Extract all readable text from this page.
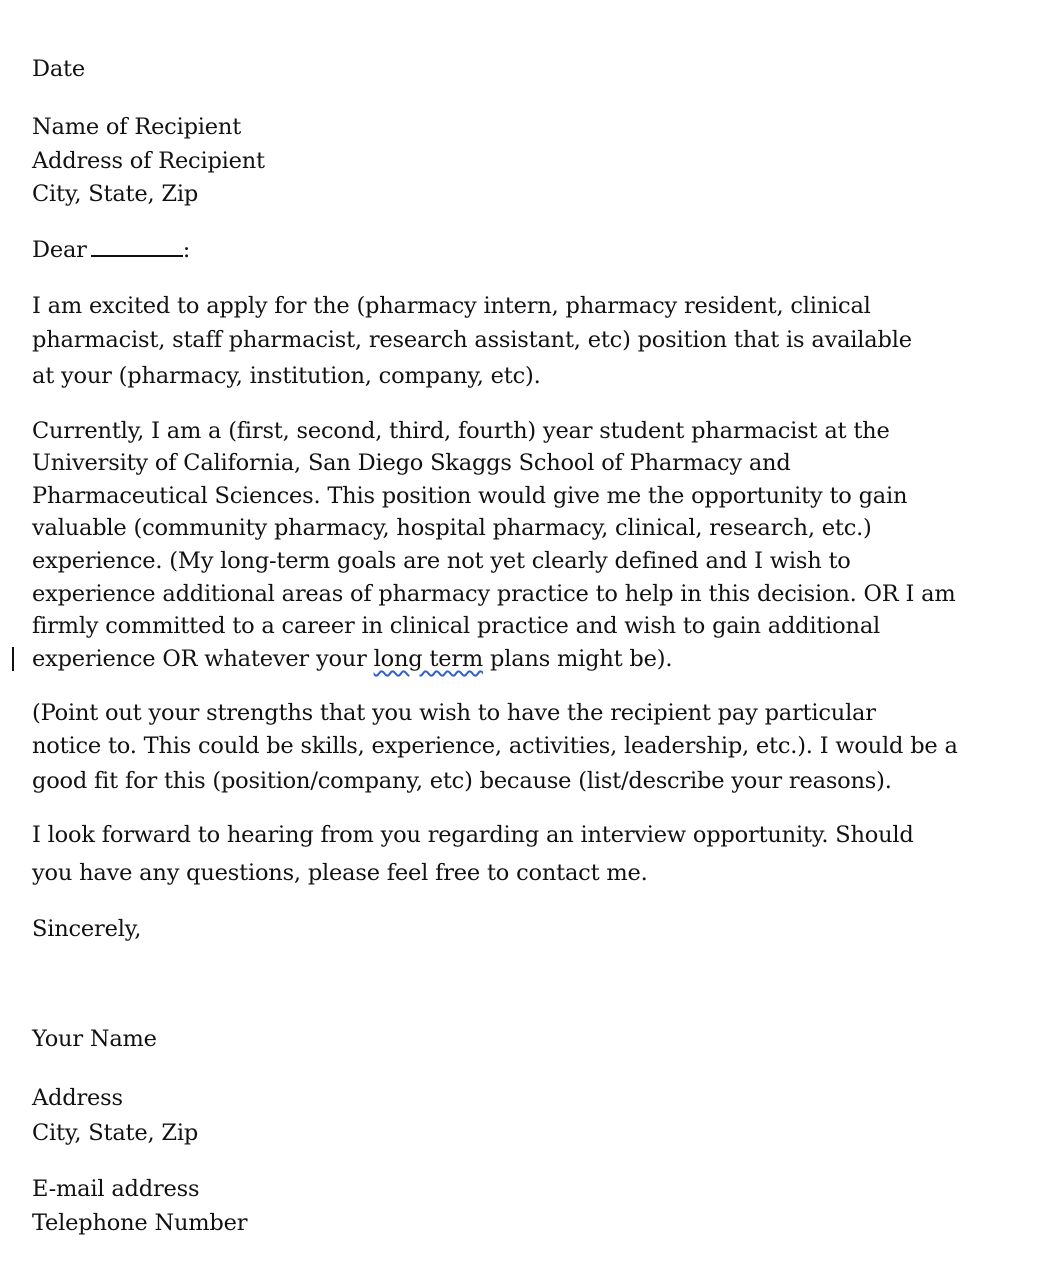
Date
Name of Recipient
Address of Recipient
City, State, Zip
Dear	:
I am excited to apply for the (pharmacy intern, pharmacy resident, clinical
pharmacist, staff pharmacist, research assistant, etc) position that is available
at your (pharmacy, institution, company, etc).
Currently, I am a (first, second, third, fourth) year student pharmacist at the
University of California, San Diego Skaggs School of Pharmacy and
Pharmaceutical Sciences. This position would give me the opportunity to gain
valuable (community pharmacy, hospital pharmacy, clinical, research, etc.)
experience. (My long-term goals are not yet clearly defined and I wish to
experience additional areas of pharmacy practice to help in this decision. OR I am
firmly committed to a career in clinical practice and wish to gain additional
experience OR whatever your long term plans might be).
(Point out your strengths that you wish to have the recipient pay particular
notice to. This could be skills, experience, activities, leadership, etc.). I would be a
good fit for this (position/company, etc) because (list/describe your reasons).
I look forward to hearing from you regarding an interview opportunity. Should
you have any questions, please feel free to contact me.
Sincerely,
Your Name
Address
City, State, Zip
E-mail address
Telephone Number
